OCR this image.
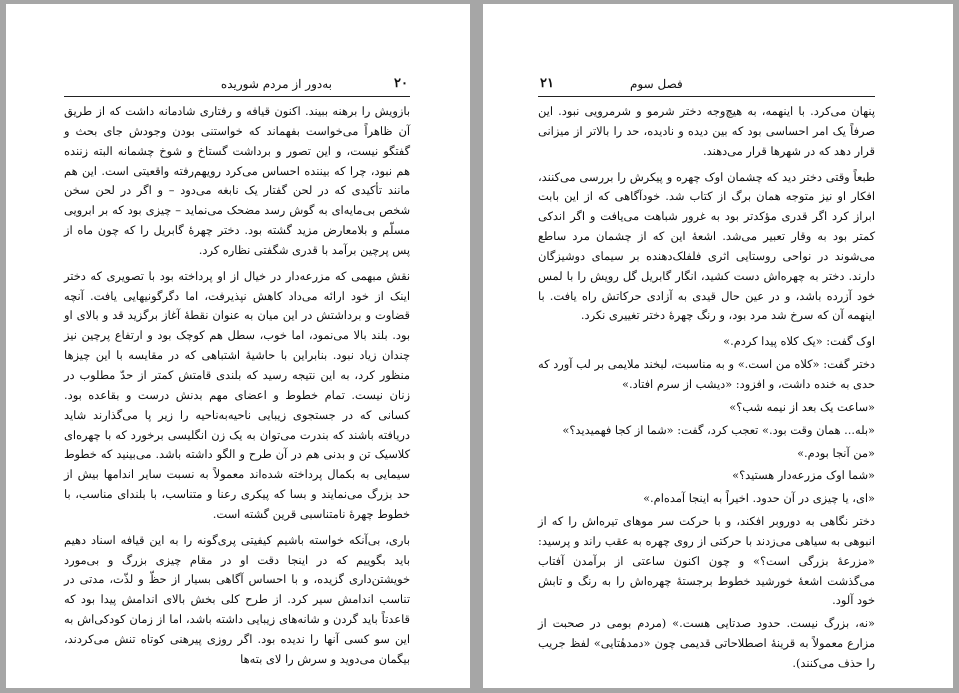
۲۰
به‌دور از مردم شوریده

بازویش را برهنه ببیند. اکنون قیافه و رفتاری شادمانه داشت که از طریق آن ظاهراً می‌خواست بفهماند که خواستنی بودن وجودش جای بحث و گفتگو نیست، و این تصور و برداشت گستاخ و شوخ چشمانه البته زننده هم نبود، چرا که بیننده احساس می‌کرد رو‌یهم‌رفته واقعیتی است. این هم مانند تأکیدی که در لحن گفتار یک نابغه می‌دود – و اگر در لحن سخن شخص بی‌مایه‌ای به گوش رسد مضحک می‌نماید – چیزی بود که بر ابرویی مسلّم و بلامعارض مزید گشته بود. دختر چهرهٔ گابریل را که چون ماه از پس پرچین برآمد با قدری شگفتی نظاره کرد.

نقش مبهمی که مزرعه‌دار در خیال از او پرداخته بود با تصویری که دختر اینک از خود ارائه می‌داد کاهش نپذیرفت، اما دگرگونیهایی یافت. آنچه قضاوت و برداشتش در این میان به عنوان نقطهٔ آغاز برگزید قد و بالای او بود. بلند بالا می‌نمود، اما خوب، سطل هم کوچک بود و ارتفاع پرچین نیز چندان زیاد نبود. بنابراین با حاشیهٔ اشتباهی که در مقایسه با این چیزها منظور کرد، به این نتیجه رسید که بلندی قامتش کمتر از حدّ مطلوب در زنان نیست. تمام خطوط و اعضای مهم بدنش درست و بقاعده بود. کسانی که در جستجوی زیبایی ناحیه‌به‌ناحیه را زیر پا می‌گذارند شاید دریافته باشند که بندرت می‌توان به یک زن انگلیسی برخورد که با چهره‌ای کلاسیک تن و بدنی هم در آن طرح و الگو داشته باشد. می‌بینید که خطوط سیمایی به بکمال پرداخته شده‌اند معمولاً به نسبت سایر اندامها بیش از حد بزرگ می‌نمایند و بسا که پیکری رعنا و متناسب، با بلندای مناسب، با خطوط چهرهٔ نامتناسبی قرین گشته است.

باری، بی‌آنکه خواسته باشیم کیفیتی پری‌گونه را به این قیافه اسناد دهیم باید بگوییم که در اینجا دقت او در مقام چیزی بزرگ و بی‌مورد خویشتن‌داری گزیده، و با احساس آگاهی بسیار از حظّ و لذّت، مدتی در تناسب اندامش سیر کرد. از طرح کلی بخش بالای اندامش پیدا بود که قاعدتاً باید گردن و شانه‌های زیبایی داشته باشد، اما از زمان کودکی‌اش به این سو کسی آنها را ندیده بود. اگر روزی پیرهنی کوتاه تنش می‌کردند، بیگمان می‌دوید و سرش را لای بته‌ها

۲۱	فصل سوم

پنهان می‌کرد. با اینهمه، به هیچ‌وجه دختر شرمو و شرمرویی نبود. این صرفاً یک امر احساسی بود که بین دیده و نادیده، حد را بالاتر از میزانی قرار دهد که در شهرها قرار می‌دهند.

طبعاً وقتی دختر دید که چشمان اوک چهره و پیکرش را بررسی می‌کنند، افکار او نیز متوجه همان برگ از کتاب شد. خودآگاهی که از این بابت ابراز کرد اگر قدری مؤکدتر بود به غرور شباهت می‌یافت و اگر اندکی کمتر بود به وقار تعبیر می‌شد. اشعهٔ این که از چشمان مرد ساطع می‌شوند در نواحی روستایی اثری فلفلک‌دهنده بر سیمای دوشیزگان دارند. دختر به چهره‌اش دست کشید، انگار گابریل گل رویش را با لمس خود آزرده باشد، و در عین حال قیدی به آزادی حرکاتش راه یافت. با اینهمه آن که سرخ شد مرد بود، و رنگ چهرهٔ دختر تغییری نکرد.

اوک گفت: «یک کلاه پیدا کردم.»

دختر گفت: «کلاه من است.» و به مناسبت، لبخند ملایمی بر لب آورد که حدی به خنده داشت، و افزود: «دیشب از سرم افتاد.»

«ساعت یک بعد از نیمه شب؟»

«بله... همان وقت بود.» تعجب کرد، گفت: «شما از کجا فهمیدید؟»

«من آنجا بودم.»

«شما اوک مزرعه‌دار هستید؟»

«ای، یا چیزی در آن حدود. اخیراً به اینجا آمده‌ام.»

دختر نگاهی به دوروبر افکند، و با حرکت سر موهای تیره‌اش را که از انبوهی به سیاهی می‌زدند با حرکتی از روی چهره به عقب راند و پرسید: «مزرعهٔ بزرگی است؟» و چون اکنون ساعتی از برآمدن آفتاب می‌گذشت اشعهٔ خورشید خطوط برجستهٔ چهره‌اش را به رنگ و تابش خود آلود.

«نه، بزرگ نیست. حدود صدتایی هست.» (مردم بومی در صحبت از مزارع معمولاً به قرینهٔ اصطلاحاتی قدیمی چون «دمدهٔتایی» لفظ جریب را حذف می‌کنند).
